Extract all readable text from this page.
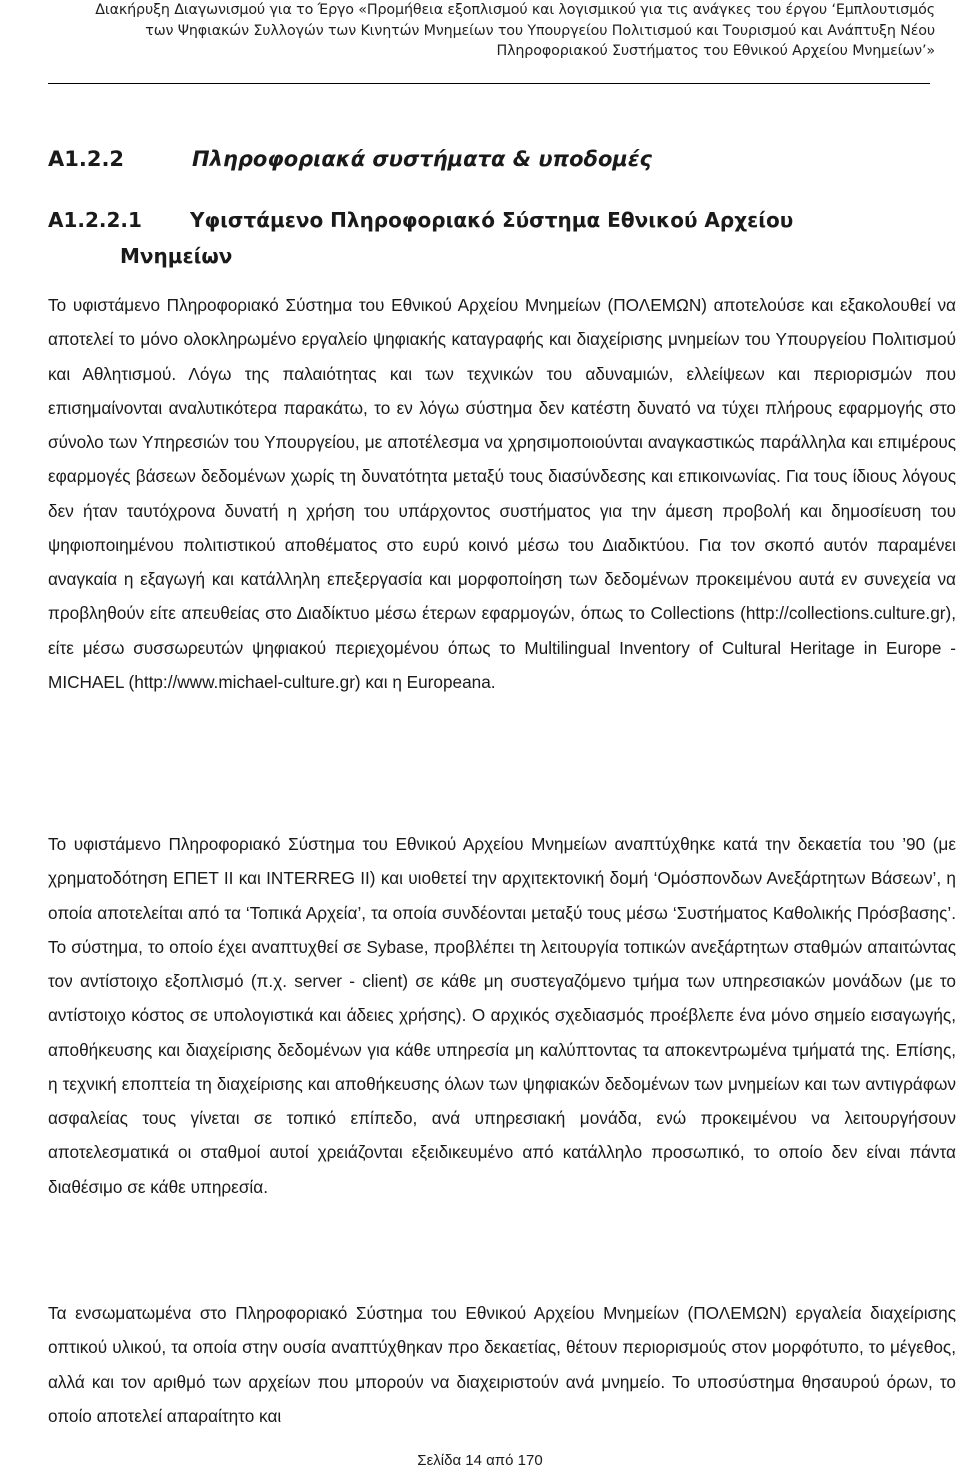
Διακήρυξη Διαγωνισμού για το Έργο «Προμήθεια εξοπλισμού και λογισμικού για τις ανάγκες του έργου ‘Εμπλουτισμός
των Ψηφιακών Συλλογών των Κινητών Μνημείων του Υπουργείου Πολιτισμού και Τουρισμού και Ανάπτυξη Νέου
Πληροφοριακού Συστήματος του Εθνικού Αρχείου Μνημείων’»
Α1.2.2	Πληροφοριακά συστήματα & υποδομές
Α1.2.2.1 Υφιστάμενο Πληροφοριακό Σύστημα Εθνικού Αρχείου
Μνημείων
Το υφιστάμενο Πληροφοριακό Σύστημα του Εθνικού Αρχείου Μνημείων (ΠΟΛΕΜΩΝ) αποτελούσε και εξακολουθεί να αποτελεί το μόνο ολοκληρωμένο εργαλείο ψηφιακής καταγραφής και διαχείρισης μνημείων του Υπουργείου Πολιτισμού και Αθλητισμού. Λόγω της παλαιότητας και των τεχνικών του αδυναμιών, ελλείψεων και περιορισμών που επισημαίνονται αναλυτικότερα παρακάτω, το εν λόγω σύστημα δεν κατέστη δυνατό να τύχει πλήρους εφαρμογής στο σύνολο των Υπηρεσιών του Υπουργείου, με αποτέλεσμα να χρησιμοποιούνται αναγκαστικώς παράλληλα και επιμέρους εφαρμογές βάσεων δεδομένων χωρίς τη δυνατότητα μεταξύ τους διασύνδεσης και επικοινωνίας. Για τους ίδιους λόγους δεν ήταν ταυτόχρονα δυνατή η χρήση του υπάρχοντος συστήματος για την άμεση προβολή και δημοσίευση του ψηφιοποιημένου πολιτιστικού αποθέματος στο ευρύ κοινό μέσω του Διαδικτύου. Για τον σκοπό αυτόν παραμένει αναγκαία η εξαγωγή και κατάλληλη επεξεργασία και μορφοποίηση των δεδομένων προκειμένου αυτά εν συνεχεία να προβληθούν είτε απευθείας στο Διαδίκτυο μέσω έτερων εφαρμογών, όπως το Collections (http://collections.culture.gr), είτε μέσω συσσωρευτών ψηφιακού περιεχομένου όπως το Multilingual Inventory of Cultural Heritage in Europe - MICHAEL (http://www.michael-culture.gr) και η Europeana.
Το υφιστάμενο Πληροφοριακό Σύστημα του Εθνικού Αρχείου Μνημείων αναπτύχθηκε κατά την δεκαετία του ’90 (με χρηματοδότηση ΕΠΕΤ ΙΙ και INTERREG II) και υιοθετεί την αρχιτεκτονική δομή ‘Ομόσπονδων Ανεξάρτητων Βάσεων’, η οποία αποτελείται από τα ‘Τοπικά Αρχεία’, τα οποία συνδέονται μεταξύ τους μέσω ‘Συστήματος Καθολικής Πρόσβασης’. Το σύστημα, το οποίο έχει αναπτυχθεί σε Sybase, προβλέπει τη λειτουργία τοπικών ανεξάρτητων σταθμών απαιτώντας τον αντίστοιχο εξοπλισμό (π.χ. server - client) σε κάθε μη συστεγαζόμενο τμήμα των υπηρεσιακών μονάδων (με το αντίστοιχο κόστος σε υπολογιστικά και άδειες χρήσης). Ο αρχικός σχεδιασμός προέβλεπε ένα μόνο σημείο εισαγωγής, αποθήκευσης και διαχείρισης δεδομένων για κάθε υπηρεσία μη καλύπτοντας τα αποκεντρωμένα τμήματά της. Επίσης, η τεχνική εποπτεία τη διαχείρισης και αποθήκευσης όλων των ψηφιακών δεδομένων των μνημείων και των αντιγράφων ασφαλείας τους γίνεται σε τοπικό επίπεδο, ανά υπηρεσιακή μονάδα, ενώ προκειμένου να λειτουργήσουν αποτελεσματικά οι σταθμοί αυτοί χρειάζονται εξειδικευμένο από κατάλληλο προσωπικό, το οποίο δεν είναι πάντα διαθέσιμο σε κάθε υπηρεσία.
Τα ενσωματωμένα στο Πληροφοριακό Σύστημα του Εθνικού Αρχείου Μνημείων (ΠΟΛΕΜΩΝ) εργαλεία διαχείρισης οπτικού υλικού, τα οποία στην ουσία αναπτύχθηκαν προ δεκαετίας, θέτουν περιορισμούς στον μορφότυπο, το μέγεθος, αλλά και τον αριθμό των αρχείων που μπορούν να διαχειριστούν ανά μνημείο. Το υποσύστημα θησαυρού όρων, το οποίο αποτελεί απαραίτητο και
Σελίδα 14 από 170
